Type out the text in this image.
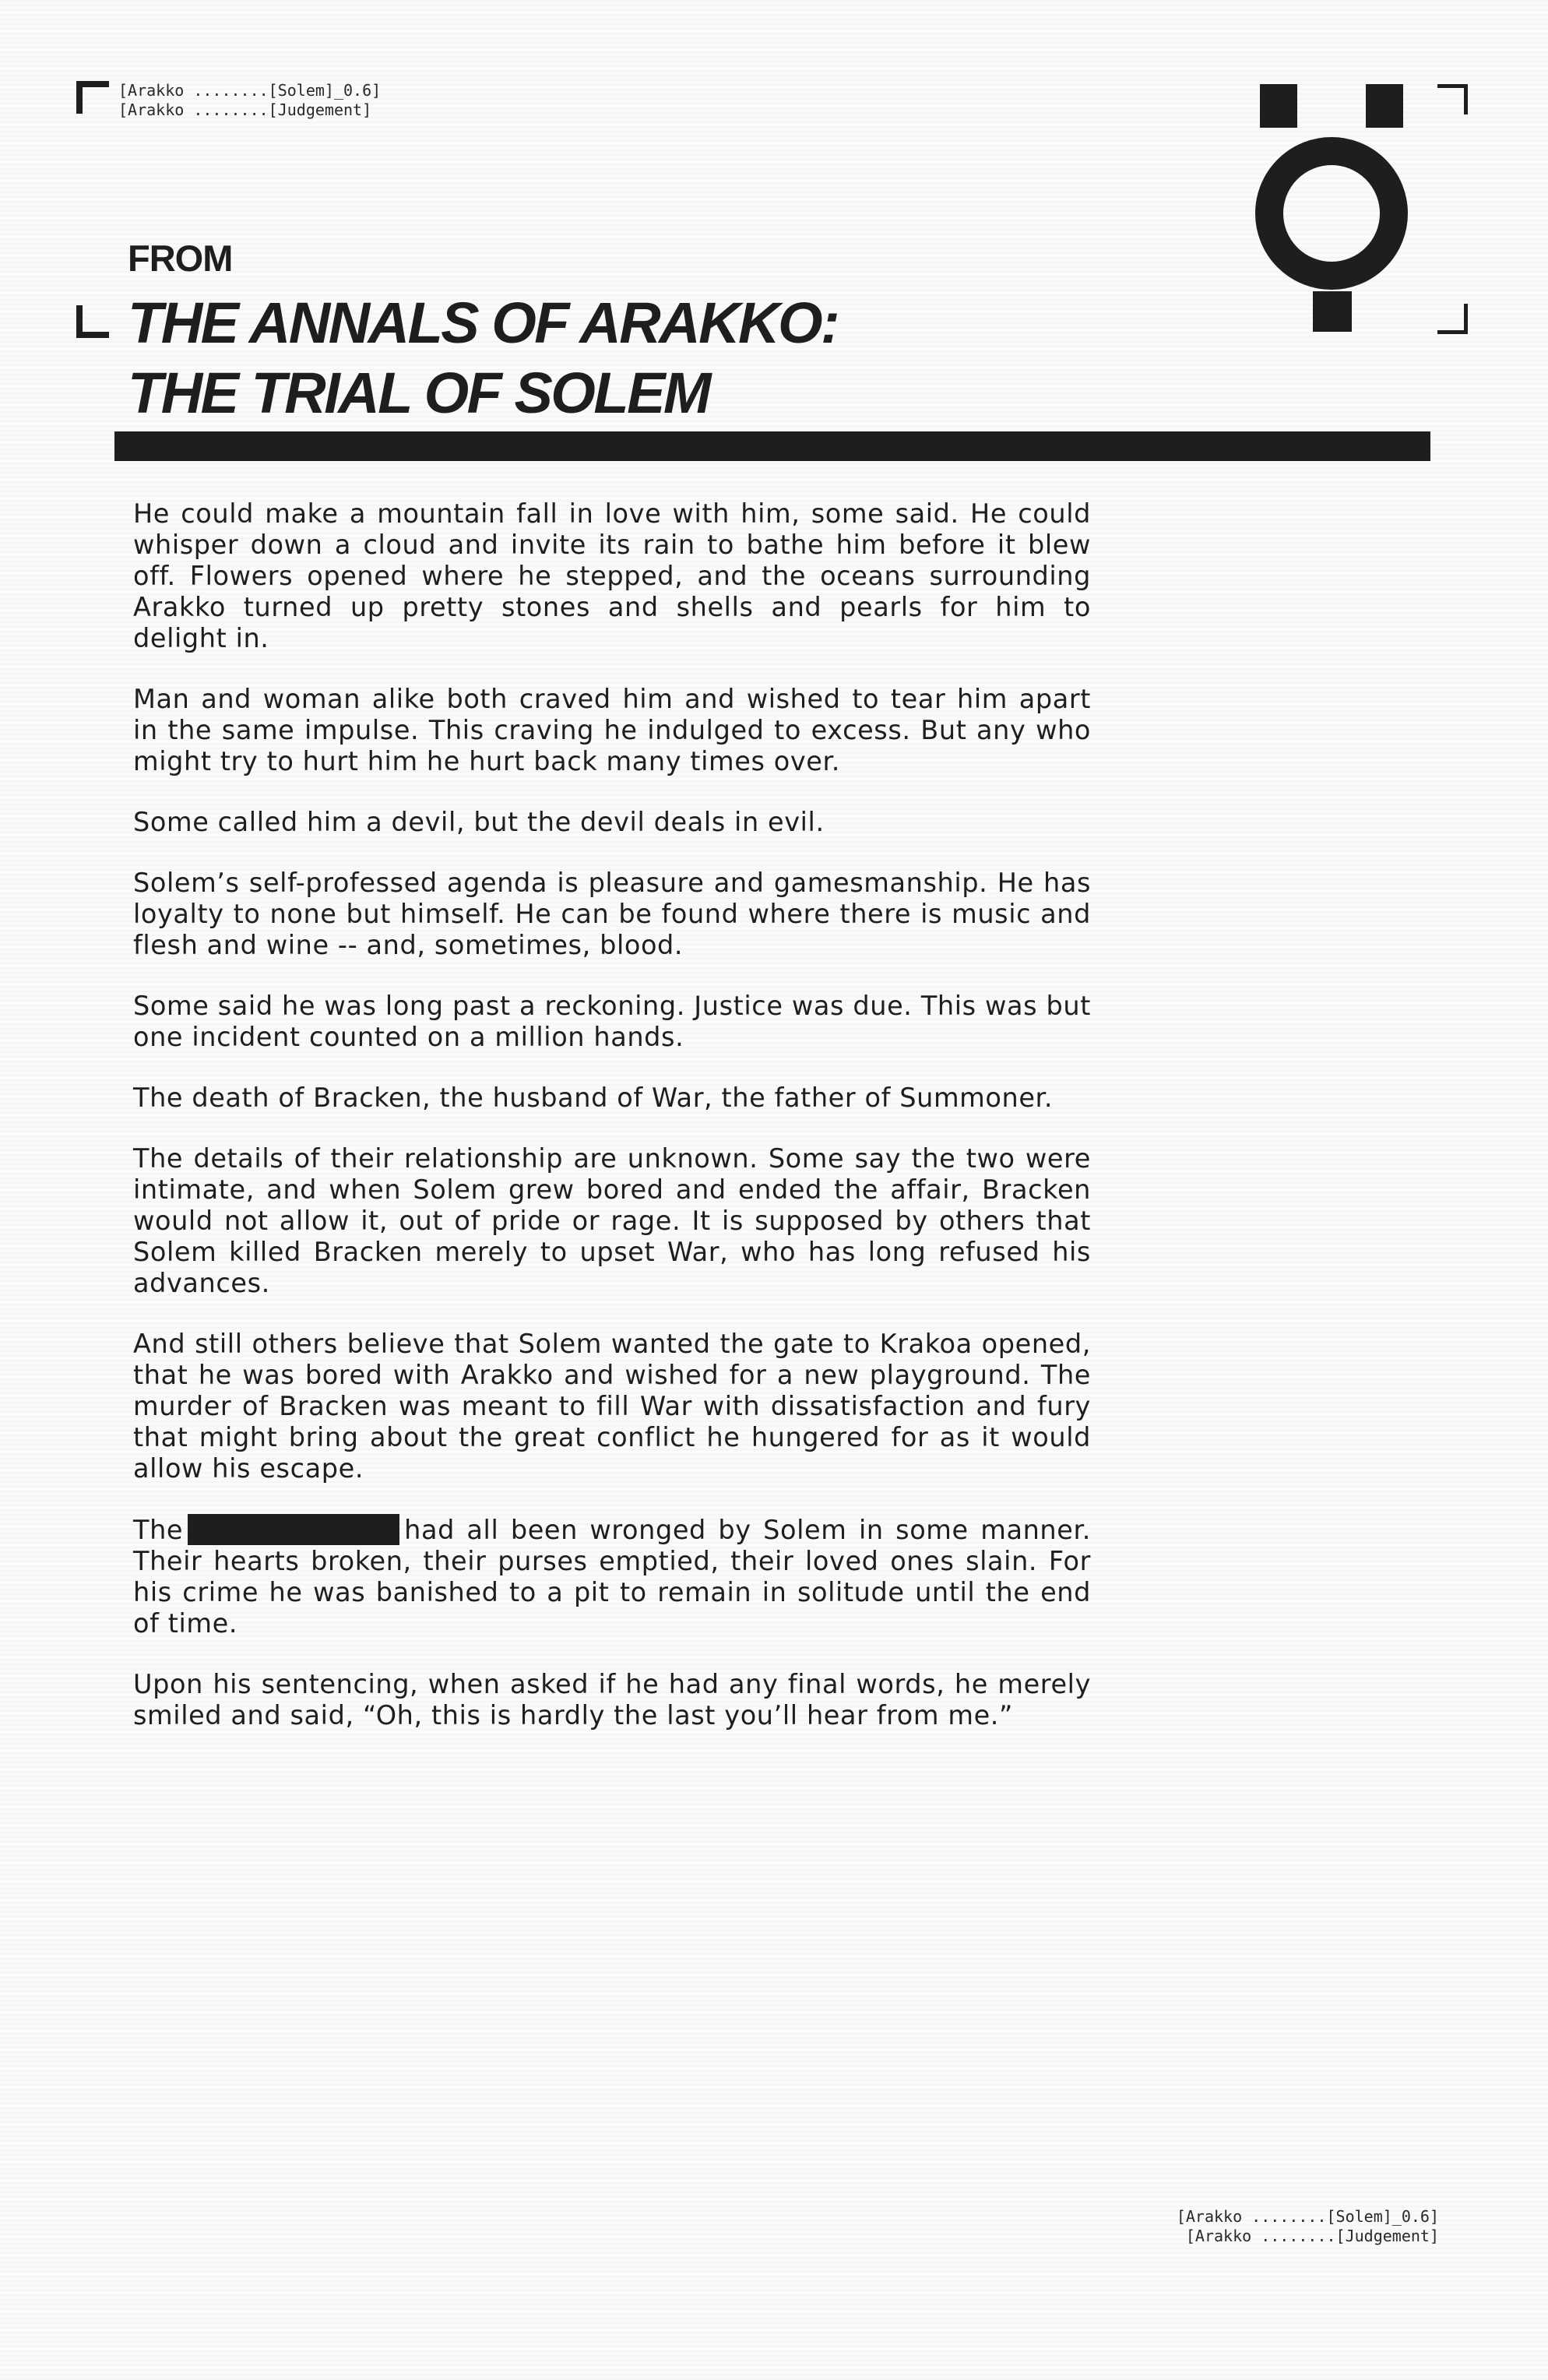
[Arakko ........[Solem]_0.6]
[Arakko ........[Judgement]
FROM
THE ANNALS OF ARAKKO:
THE TRIAL OF SOLEM

He could make a mountain fall in love with him, some said. He could whisper down a cloud and invite its rain to bathe him before it blew off. Flowers opened where he stepped, and the oceans surrounding Arakko turned up pretty stones and shells and pearls for him to delight in.

Man and woman alike both craved him and wished to tear him apart in the same impulse. This craving he indulged to excess. But any who might try to hurt him he hurt back many times over.

Some called him a devil, but the devil deals in evil.

Solem’s self-professed agenda is pleasure and gamesmanship. He has loyalty to none but himself. He can be found where there is music and flesh and wine -- and, sometimes, blood.

Some said he was long past a reckoning. Justice was due. This was but one incident counted on a million hands.

The death of Bracken, the husband of War, the father of Summoner.

The details of their relationship are unknown. Some say the two were intimate, and when Solem grew bored and ended the affair, Bracken would not allow it, out of pride or rage. It is supposed by others that Solem killed Bracken merely to upset War, who has long refused his advances.

And still others believe that Solem wanted the gate to Krakoa opened, that he was bored with Arakko and wished for a new playground. The murder of Bracken was meant to fill War with dissatisfaction and fury that might bring about the great conflict he hungered for as it would allow his escape.

The	had all been wronged by Solem in some manner. Their hearts broken, their purses emptied, their loved ones slain. For his crime he was banished to a pit to remain in solitude until the end of time.

Upon his sentencing, when asked if he had any final words, he merely smiled and said, “Oh, this is hardly the last you’ll hear from me.”

[Arakko ........[Solem]_0.6]
[Arakko ........[Judgement]
